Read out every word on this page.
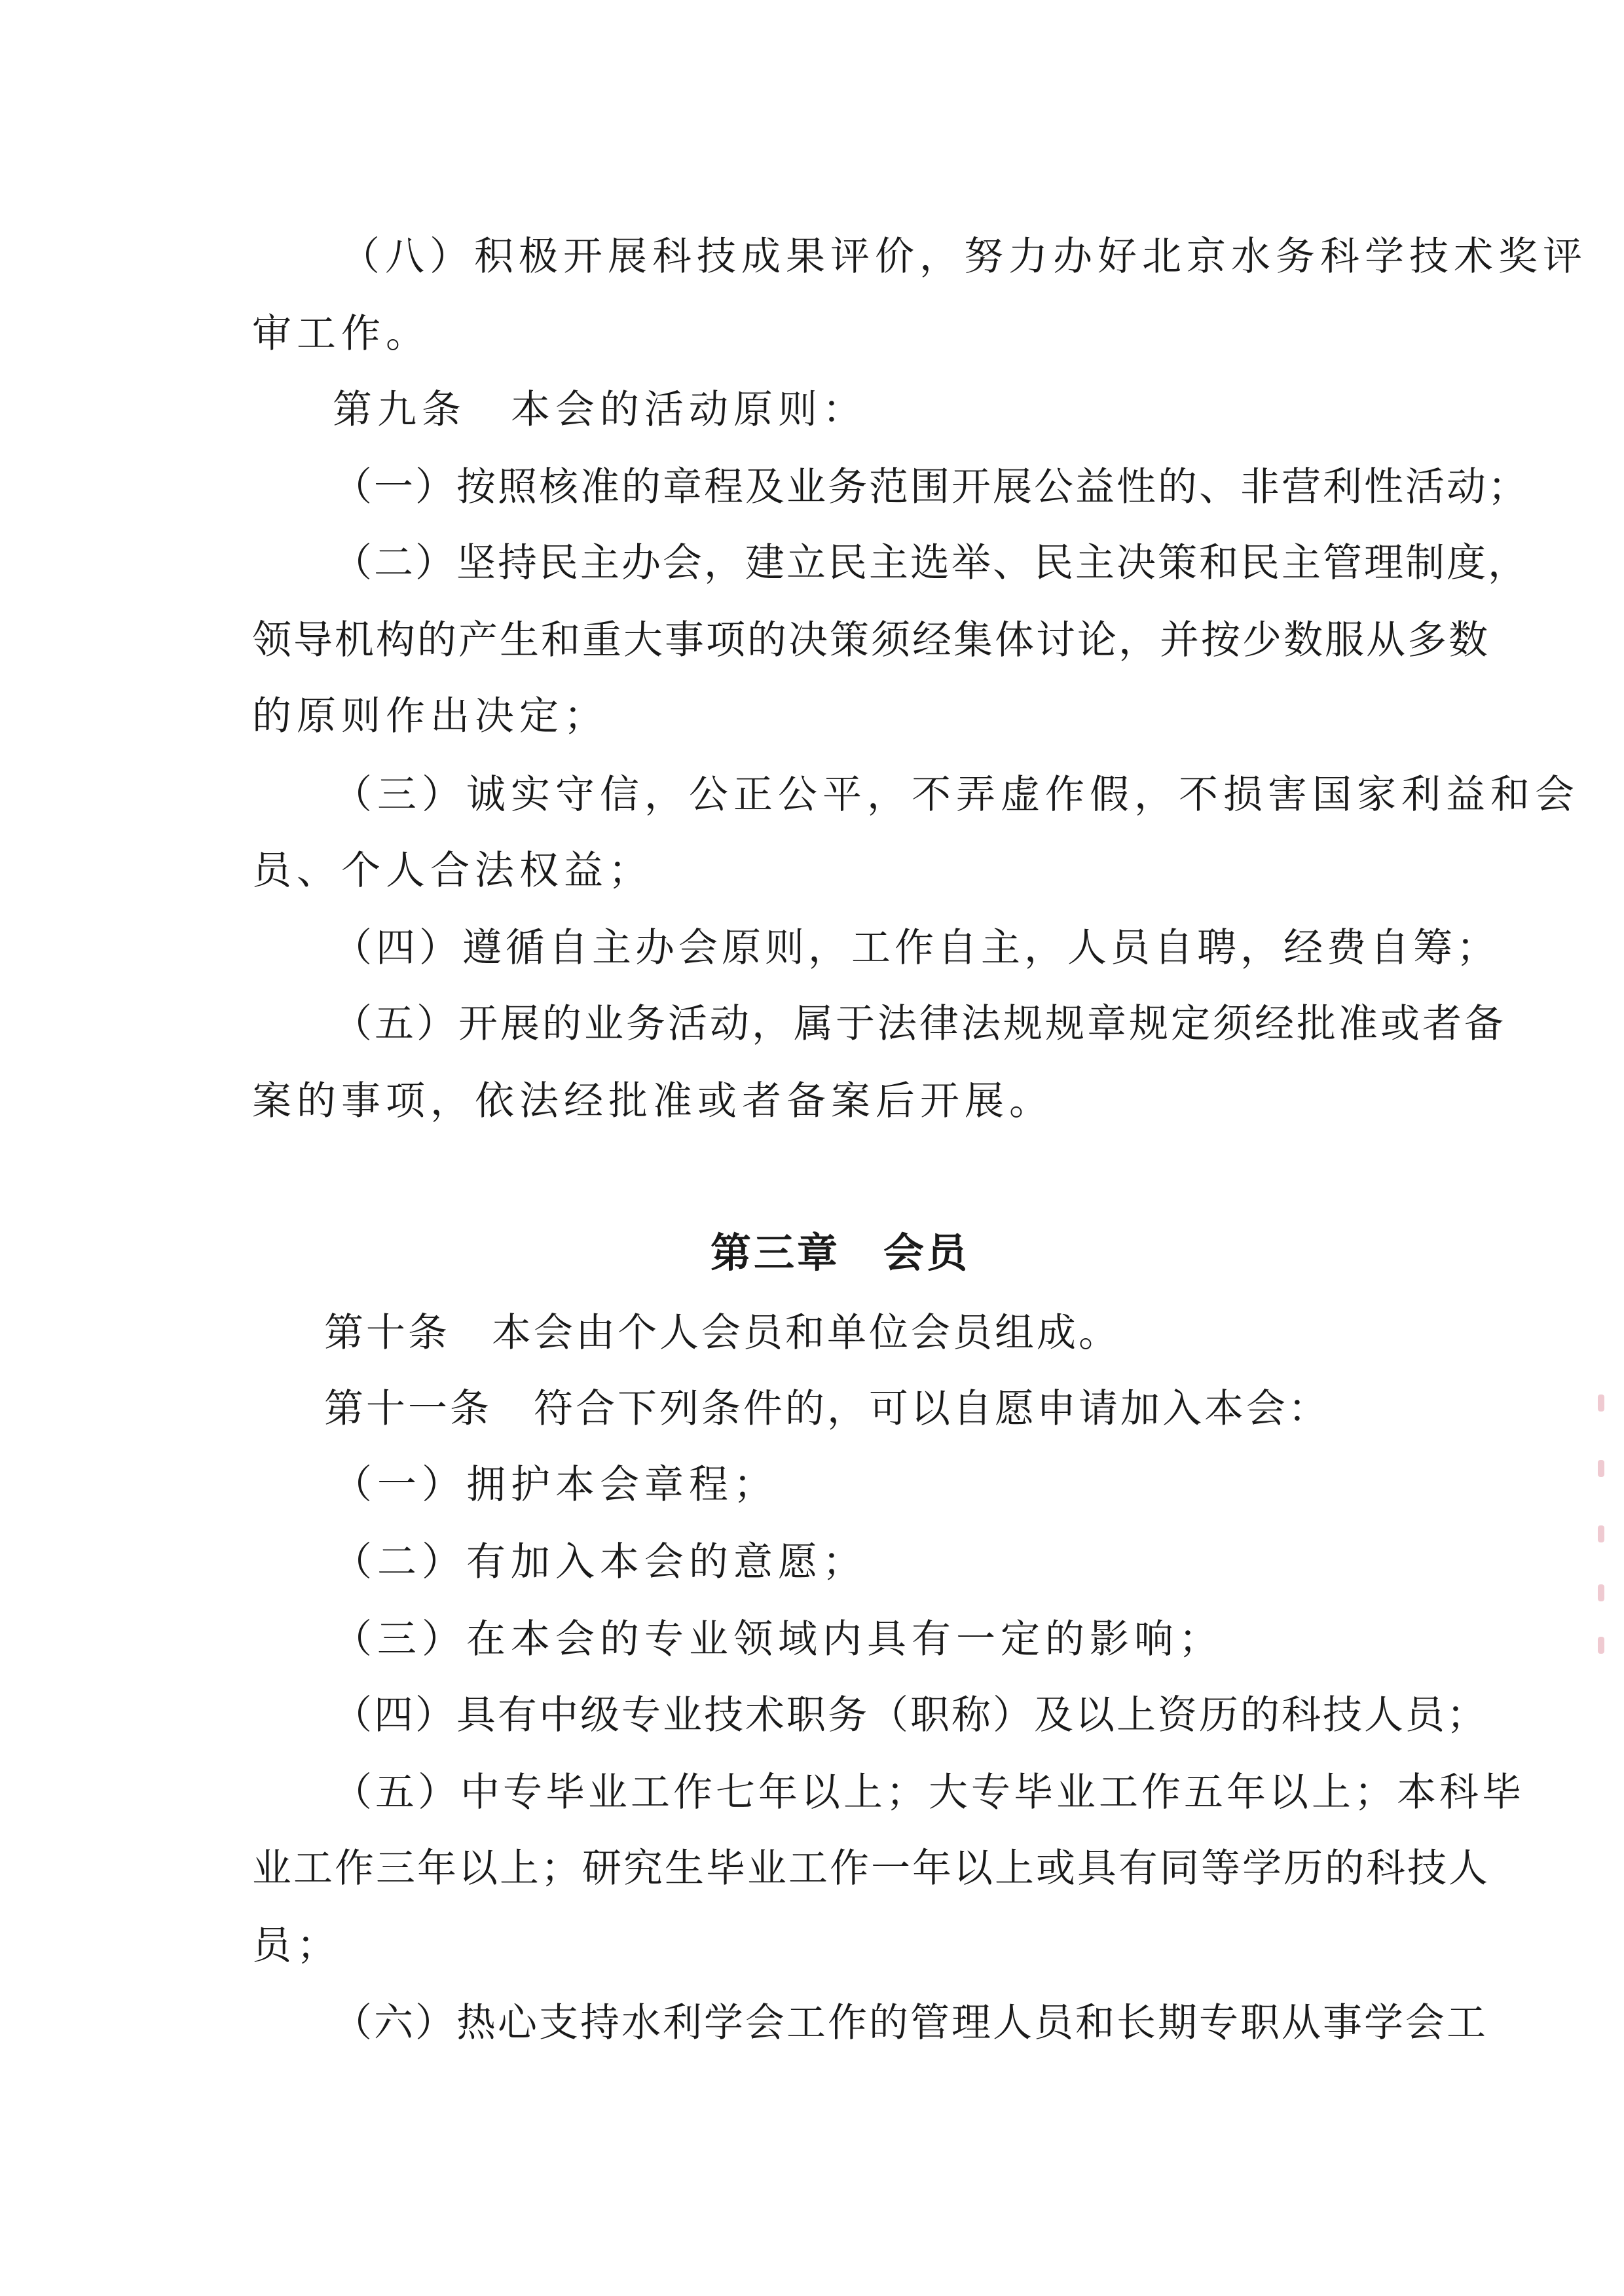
（八）积极开展科技成果评价，努力办好北京水务科学技术奖评
审工作。
第九条　本会的活动原则：
（一）按照核准的章程及业务范围开展公益性的、非营利性活动；
（二）坚持民主办会，建立民主选举、民主决策和民主管理制度，
领导机构的产生和重大事项的决策须经集体讨论，并按少数服从多数
的原则作出决定；
（三）诚实守信，公正公平，不弄虚作假，不损害国家利益和会
员、个人合法权益；
（四）遵循自主办会原则，工作自主，人员自聘，经费自筹；
（五）开展的业务活动，属于法律法规规章规定须经批准或者备
案的事项，依法经批准或者备案后开展。
第三章　会员
第十条　本会由个人会员和单位会员组成。
第十一条　符合下列条件的，可以自愿申请加入本会：
（一）拥护本会章程；
（二）有加入本会的意愿；
（三）在本会的专业领域内具有一定的影响；
（四）具有中级专业技术职务（职称）及以上资历的科技人员；
（五）中专毕业工作七年以上；大专毕业工作五年以上；本科毕
业工作三年以上；研究生毕业工作一年以上或具有同等学历的科技人
员；
（六）热心支持水利学会工作的管理人员和长期专职从事学会工
